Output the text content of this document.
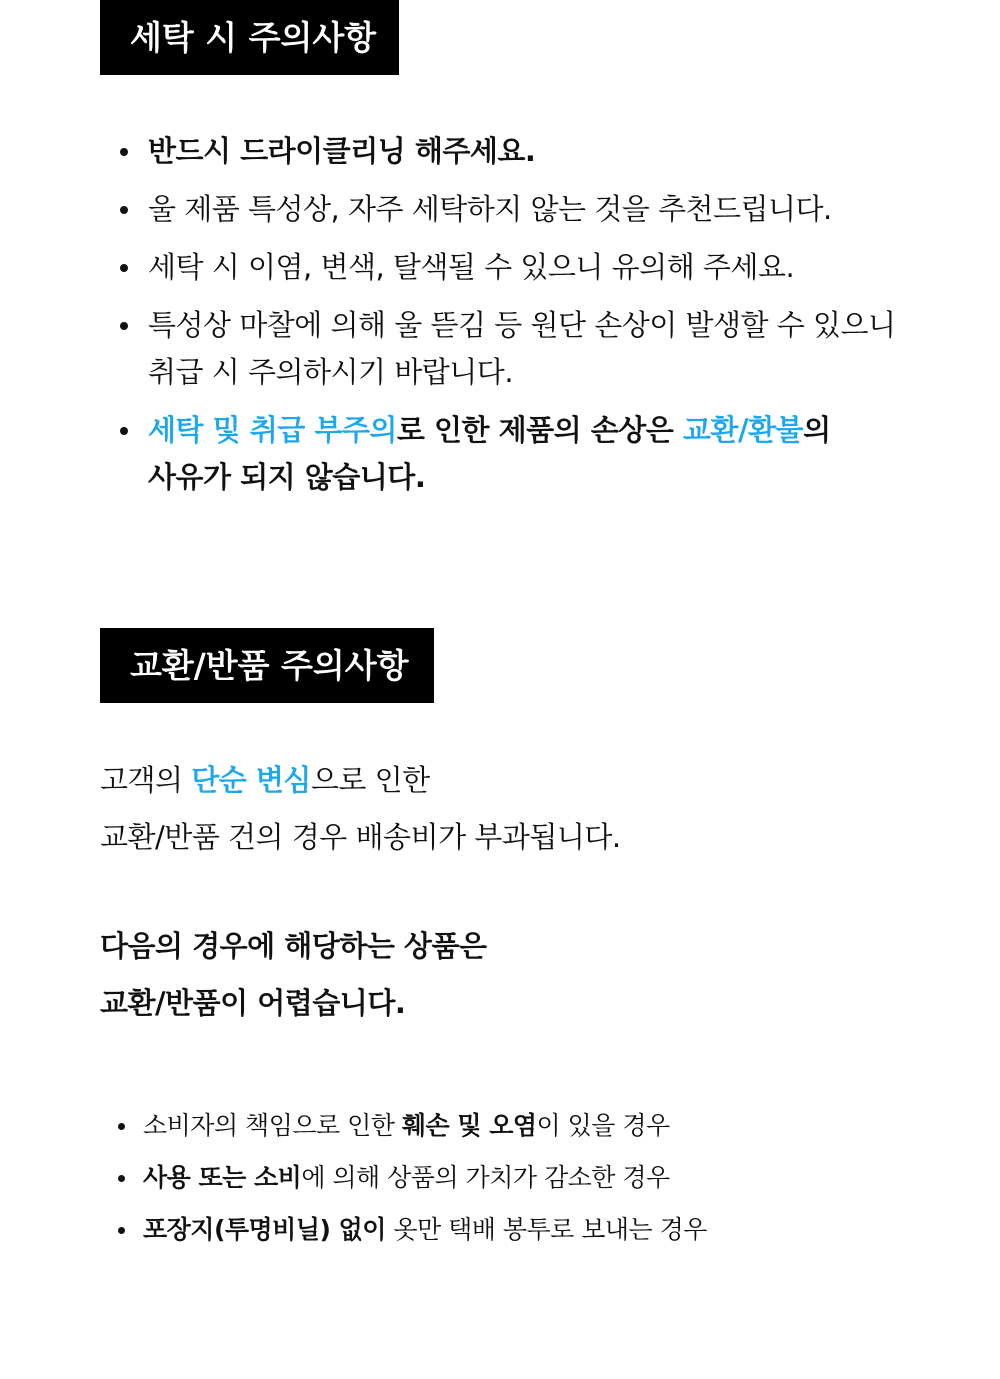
세탁 시 주의사항
반드시 드라이클리닝 해주세요.
울 제품 특성상, 자주 세탁하지 않는 것을 추천드립니다.
세탁 시 이염, 변색, 탈색될 수 있으니 유의해 주세요.
특성상 마찰에 의해 울 뜯김 등 원단 손상이 발생할 수 있으니
취급 시 주의하시기 바랍니다.
세탁 및 취급 부주의로 인한 제품의 손상은 교환/환불의
사유가 되지 않습니다.
교환/반품 주의사항

고객의 단순 변심으로 인한

교환/반품 건의 경우 배송비가 부과됩니다.

다음의 경우에 해당하는 상품은

교환/반품이 어렵습니다.

소비자의 책임으로 인한 훼손 및 오염이 있을 경우
사용 또는 소비에 의해 상품의 가치가 감소한 경우
포장지(투명비닐) 없이 옷만 택배 봉투로 보내는 경우
